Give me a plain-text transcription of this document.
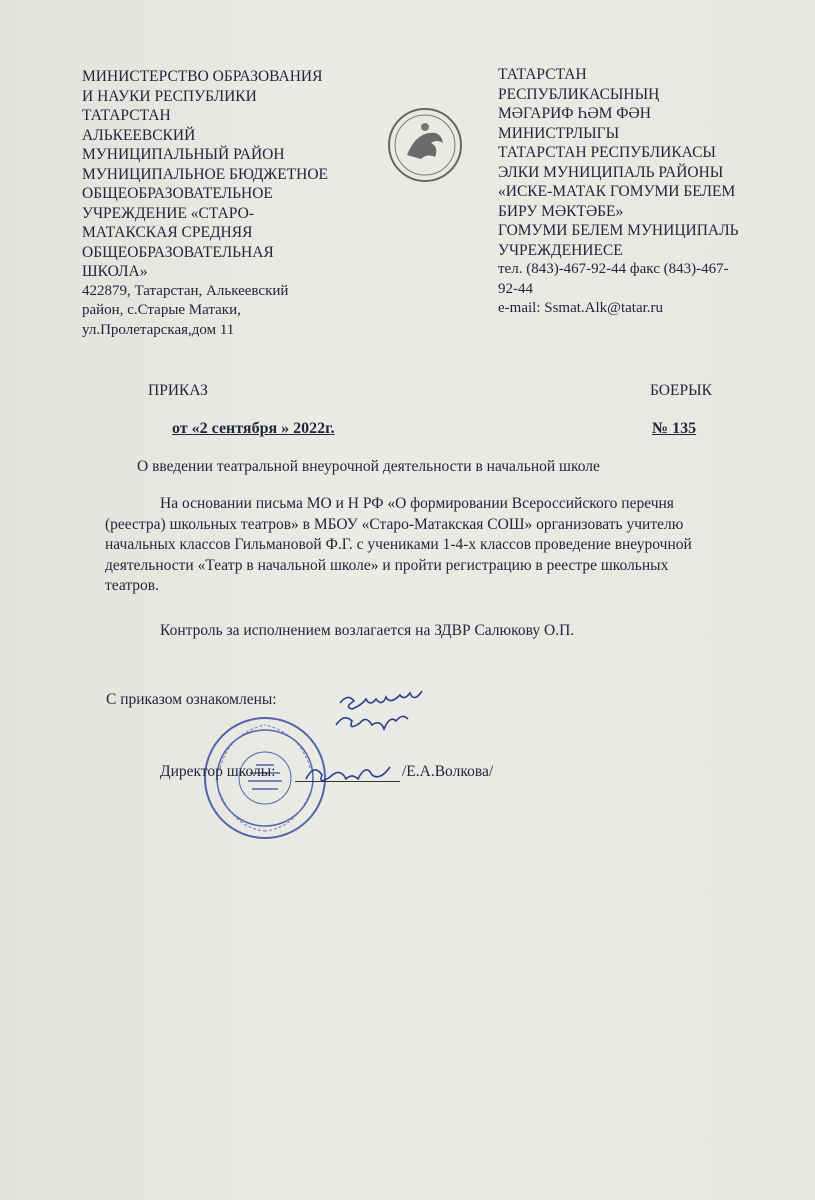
МИНИСТЕРСТВО ОБРАЗОВАНИЯ
И НАУКИ РЕСПУБЛИКИ
ТАТАРСТАН
АЛЬКЕЕВСКИЙ
МУНИЦИПАЛЬНЫЙ РАЙОН
МУНИЦИПАЛЬНОЕ БЮДЖЕТНОЕ
ОБЩЕОБРАЗОВАТЕЛЬНОЕ
УЧРЕЖДЕНИЕ «СТАРО-
МАТАКСКАЯ СРЕДНЯЯ
ОБЩЕОБРАЗОВАТЕЛЬНАЯ
ШКОЛА»
422879, Татарстан, Алькеевский
район, с.Старые Матаки,
ул.Пролетарская,дом 11
ТАТАРСТАН
РЕСПУБЛИКАСЫНЫҢ
МӘГАРИФ ҺӘМ ФӘН
МИНИСТРЛЫГЫ
ТАТАРСТАН РЕСПУБЛИКАСЫ
ЭЛКИ МУНИЦИПАЛЬ РАЙОНЫ
«ИСКЕ-МАТАК ГОМУМИ БЕЛЕМ
БИРУ МӘКТӘБЕ»
ГОМУМИ БЕЛЕМ МУНИЦИПАЛЬ
УЧРЕЖДЕНИЕСЕ
тел. (843)-467-92-44 факс (843)-467-
92-44
e-mail: Ssmat.Alk@tatar.ru
ПРИКАЗ	БОЕРЫК
от «2 сентября » 2022г.	№ 135
О введении театральной внеурочной деятельности в начальной школе
На основании письма МО и Н РФ «О формировании Всероссийского перечня
(реестра) школьных театров» в МБОУ «Старо-Матакская СОШ» организовать учителю
начальных классов Гильмановой Ф.Г. с учениками 1-4-х классов проведение внеурочной
деятельности «Театр в начальной школе» и пройти регистрацию в реестре школьных
театров.
Контроль за исполнением возлагается на ЗДВР Салюкову О.П.
С приказом ознакомлены:
Директор школы:	/Е.А.Волкова/
